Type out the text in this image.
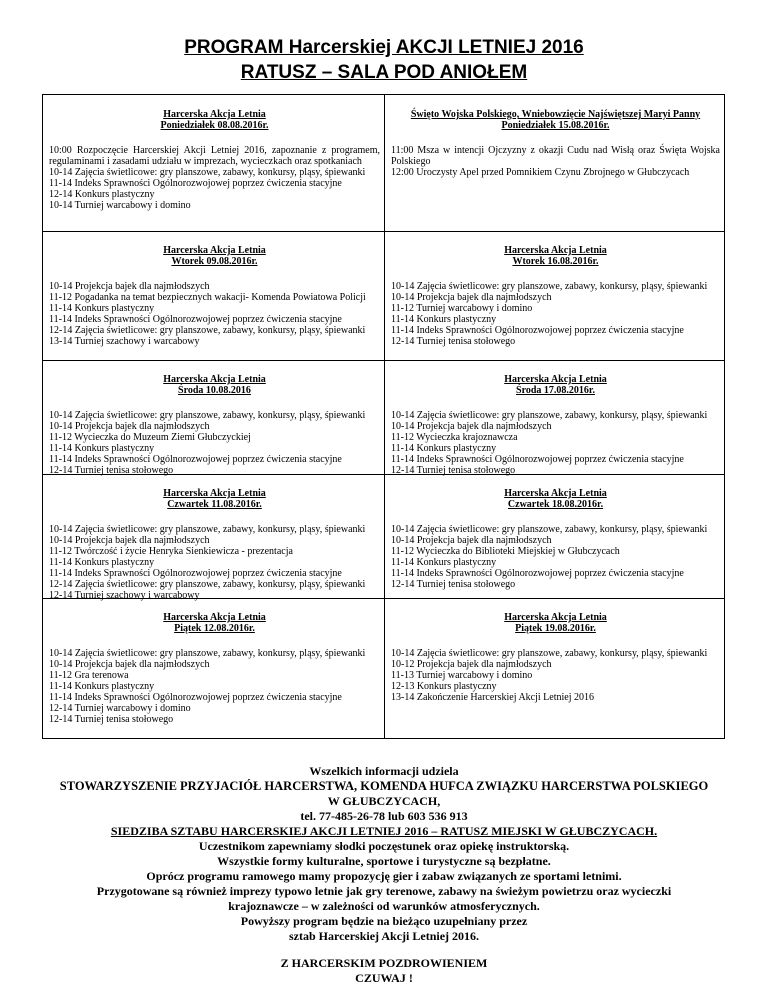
PROGRAM Harcerskiej AKCJI LETNIEJ 2016
RATUSZ – SALA POD ANIOŁEM
Harcerska Akcja Letnia
Poniedziałek 08.08.2016r.
10:00 Rozpoczęcie Harcerskiej Akcji Letniej 2016, zapoznanie z programem, regulaminami i zasadami udziału w imprezach, wycieczkach oraz spotkaniach
10-14 Zajęcia świetlicowe: gry planszowe, zabawy, konkursy, pląsy, śpiewanki
11-14 Indeks Sprawności Ogólnorozwojowej poprzez ćwiczenia stacyjne
12-14 Konkurs plastyczny
10-14 Turniej warcabowy i domino
Święto Wojska Polskiego, Wniebowzięcie Najświętszej Maryi Panny
Poniedziałek 15.08.2016r.
11:00 Msza w intencji Ojczyzny z okazji Cudu nad Wisłą oraz Święta Wojska Polskiego
12:00 Uroczysty Apel przed Pomnikiem Czynu Zbrojnego w Głubczycach
Harcerska Akcja Letnia
Wtorek 09.08.2016r.
10-14 Projekcja bajek dla najmłodszych
11-12 Pogadanka na temat bezpiecznych wakacji- Komenda Powiatowa Policji
11-14 Konkurs plastyczny
11-14 Indeks Sprawności Ogólnorozwojowej poprzez ćwiczenia stacyjne
12-14 Zajęcia świetlicowe: gry planszowe, zabawy, konkursy, pląsy, śpiewanki
13-14 Turniej szachowy i warcabowy
Harcerska Akcja Letnia
Wtorek 16.08.2016r.
10-14 Zajęcia świetlicowe: gry planszowe, zabawy, konkursy, pląsy, śpiewanki
10-14 Projekcja bajek dla najmłodszych
11-12 Turniej warcabowy i domino
11-14 Konkurs plastyczny
11-14 Indeks Sprawności Ogólnorozwojowej poprzez ćwiczenia stacyjne
12-14 Turniej tenisa stołowego
Harcerska Akcja Letnia
Środa 10.08.2016
10-14 Zajęcia świetlicowe: gry planszowe, zabawy, konkursy, pląsy, śpiewanki
10-14 Projekcja bajek dla najmłodszych
11-12 Wycieczka do Muzeum Ziemi Głubczyckiej
11-14 Konkurs plastyczny
11-14 Indeks Sprawności Ogólnorozwojowej poprzez ćwiczenia stacyjne
12-14 Turniej tenisa stołowego
Harcerska Akcja Letnia
Środa 17.08.2016r.
10-14 Zajęcia świetlicowe: gry planszowe, zabawy, konkursy, pląsy, śpiewanki
10-14 Projekcja bajek dla najmłodszych
11-12 Wycieczka krajoznawcza
11-14 Konkurs plastyczny
11-14 Indeks Sprawności Ogólnorozwojowej poprzez ćwiczenia stacyjne
12-14 Turniej tenisa stołowego
Harcerska Akcja Letnia
Czwartek 11.08.2016r.
10-14 Zajęcia świetlicowe: gry planszowe, zabawy, konkursy, pląsy, śpiewanki
10-14 Projekcja bajek dla najmłodszych
11-12 Twórczość i życie Henryka Sienkiewicza - prezentacja
11-14 Konkurs plastyczny
11-14 Indeks Sprawności Ogólnorozwojowej poprzez ćwiczenia stacyjne
12-14 Zajęcia świetlicowe: gry planszowe, zabawy, konkursy, pląsy, śpiewanki
12-14 Turniej szachowy i warcabowy
Harcerska Akcja Letnia
Czwartek 18.08.2016r.
10-14 Zajęcia świetlicowe: gry planszowe, zabawy, konkursy, pląsy, śpiewanki
10-14 Projekcja bajek dla najmłodszych
11-12 Wycieczka do Biblioteki Miejskiej w Głubczycach
11-14 Konkurs plastyczny
11-14 Indeks Sprawności Ogólnorozwojowej poprzez ćwiczenia stacyjne
12-14 Turniej tenisa stołowego
Harcerska Akcja Letnia
Piątek 12.08.2016r.
10-14 Zajęcia świetlicowe: gry planszowe, zabawy, konkursy, pląsy, śpiewanki
10-14 Projekcja bajek dla najmłodszych
11-12 Gra terenowa
11-14 Konkurs plastyczny
11-14 Indeks Sprawności Ogólnorozwojowej poprzez ćwiczenia stacyjne
12-14 Turniej warcabowy i domino
12-14 Turniej tenisa stołowego
Harcerska Akcja Letnia
Piątek 19.08.2016r.
10-14 Zajęcia świetlicowe: gry planszowe, zabawy, konkursy, pląsy, śpiewanki
10-12 Projekcja bajek dla najmłodszych
11-13 Turniej warcabowy i domino
12-13 Konkurs plastyczny
13-14 Zakończenie Harcerskiej Akcji Letniej 2016
Wszelkich informacji udziela
STOWARZYSZENIE PRZYJACIÓŁ HARCERSTWA, KOMENDA HUFCA ZWIĄZKU HARCERSTWA POLSKIEGO
W GŁUBCZYCACH,
tel. 77-485-26-78 lub 603 536 913
SIEDZIBA SZTABU HARCERSKIEJ AKCJI LETNIEJ 2016 – RATUSZ MIEJSKI W GŁUBCZYCACH.
Uczestnikom zapewniamy słodki poczęstunek oraz opiekę instruktorską.
Wszystkie formy kulturalne, sportowe i turystyczne są bezpłatne.
Oprócz programu ramowego mamy propozycję gier i zabaw związanych ze sportami letnimi.
Przygotowane są również imprezy typowo letnie jak gry terenowe, zabawy na świeżym powietrzu oraz wycieczki
krajoznawcze – w zależności od warunków atmosferycznych.
Powyższy program będzie na bieżąco uzupełniany przez
sztab Harcerskiej Akcji Letniej 2016.
Z HARCERSKIM POZDROWIENIEM
CZUWAJ !
